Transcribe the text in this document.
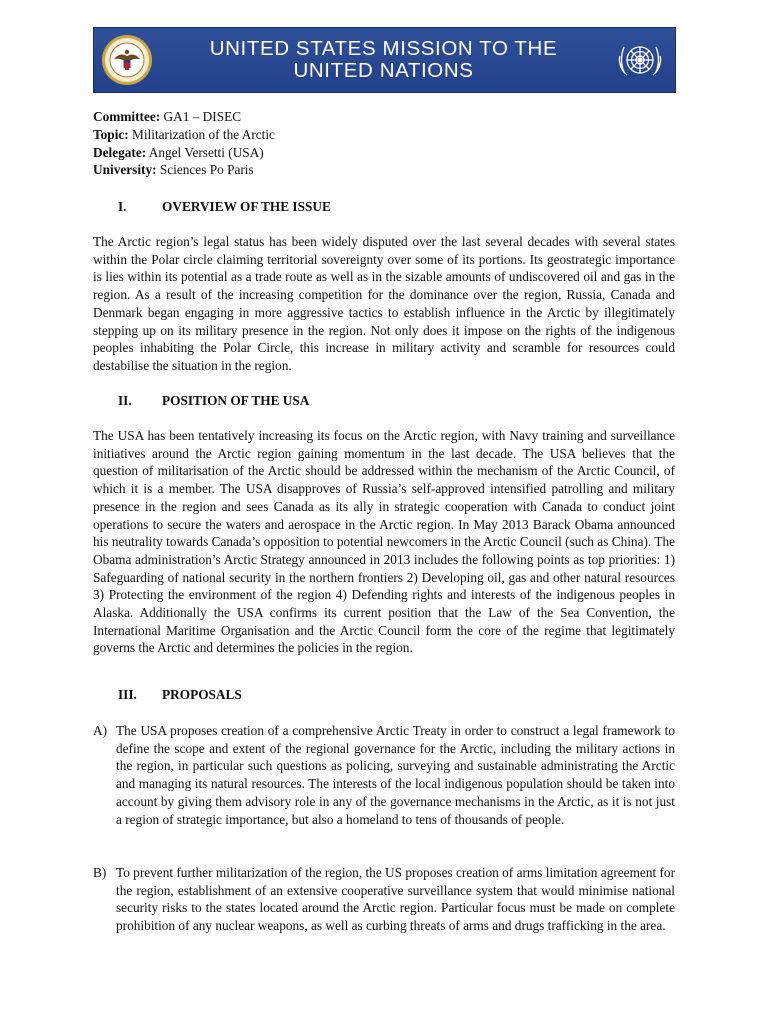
UNITED STATES MISSION TO THE
UNITED NATIONS
Committee: GA1 – DISEC
Topic: Militarization of the Arctic
Delegate: Angel Versetti (USA)
University: Sciences Po Paris
I.	OVERVIEW OF THE ISSUE

The Arctic region’s legal status has been widely disputed over the last several decades with several states within the Polar circle claiming territorial sovereignty over some of its portions. Its geostrategic importance is lies within its potential as a trade route as well as in the sizable amounts of undiscovered oil and gas in the region. As a result of the increasing competition for the dominance over the region, Russia, Canada and Denmark began engaging in more aggressive tactics to establish influence in the Arctic by illegitimately stepping up on its military presence in the region. Not only does it impose on the rights of the indigenous peoples inhabiting the Polar Circle, this increase in military activity and scramble for resources could destabilise the situation in the region.

II. POSITION OF THE USA

The USA has been tentatively increasing its focus on the Arctic region, with Navy training and surveillance initiatives around the Arctic region gaining momentum in the last decade. The USA believes that the question of militarisation of the Arctic should be addressed within the mechanism of the Arctic Council, of which it is a member. The USA disapproves of Russia’s self-approved intensified patrolling and military presence in the region and sees Canada as its ally in strategic cooperation with Canada to conduct joint operations to secure the waters and aerospace in the Arctic region. In May 2013 Barack Obama announced his neutrality towards Canada’s opposition to potential newcomers in the Arctic Council (such as China). The Obama administration’s Arctic Strategy announced in 2013 includes the following points as top priorities: 1) Safeguarding of national security in the northern frontiers 2) Developing oil, gas and other natural resources 3) Protecting the environment of the region 4) Defending rights and interests of the indigenous peoples in Alaska. Additionally the USA confirms its current position that the Law of the Sea Convention, the International Maritime Organisation and the Arctic Council form the core of the regime that legitimately governs the Arctic and determines the policies in the region.

III. PROPOSALS
A) The USA proposes creation of a comprehensive Arctic Treaty in order to construct a legal framework to define the scope and extent of the regional governance for the Arctic, including the military actions in the region, in particular such questions as policing, surveying and sustainable administrating the Arctic and managing its natural resources. The interests of the local indigenous population should be taken into account by giving them advisory role in any of the governance mechanisms in the Arctic, as it is not just a region of strategic importance, but also a homeland to tens of thousands of people.
B) To prevent further militarization of the region, the US proposes creation of arms limitation agreement for the region, establishment of an extensive cooperative surveillance system that would minimise national security risks to the states located around the Arctic region. Particular focus must be made on complete prohibition of any nuclear weapons, as well as curbing threats of arms and drugs trafficking in the area.
